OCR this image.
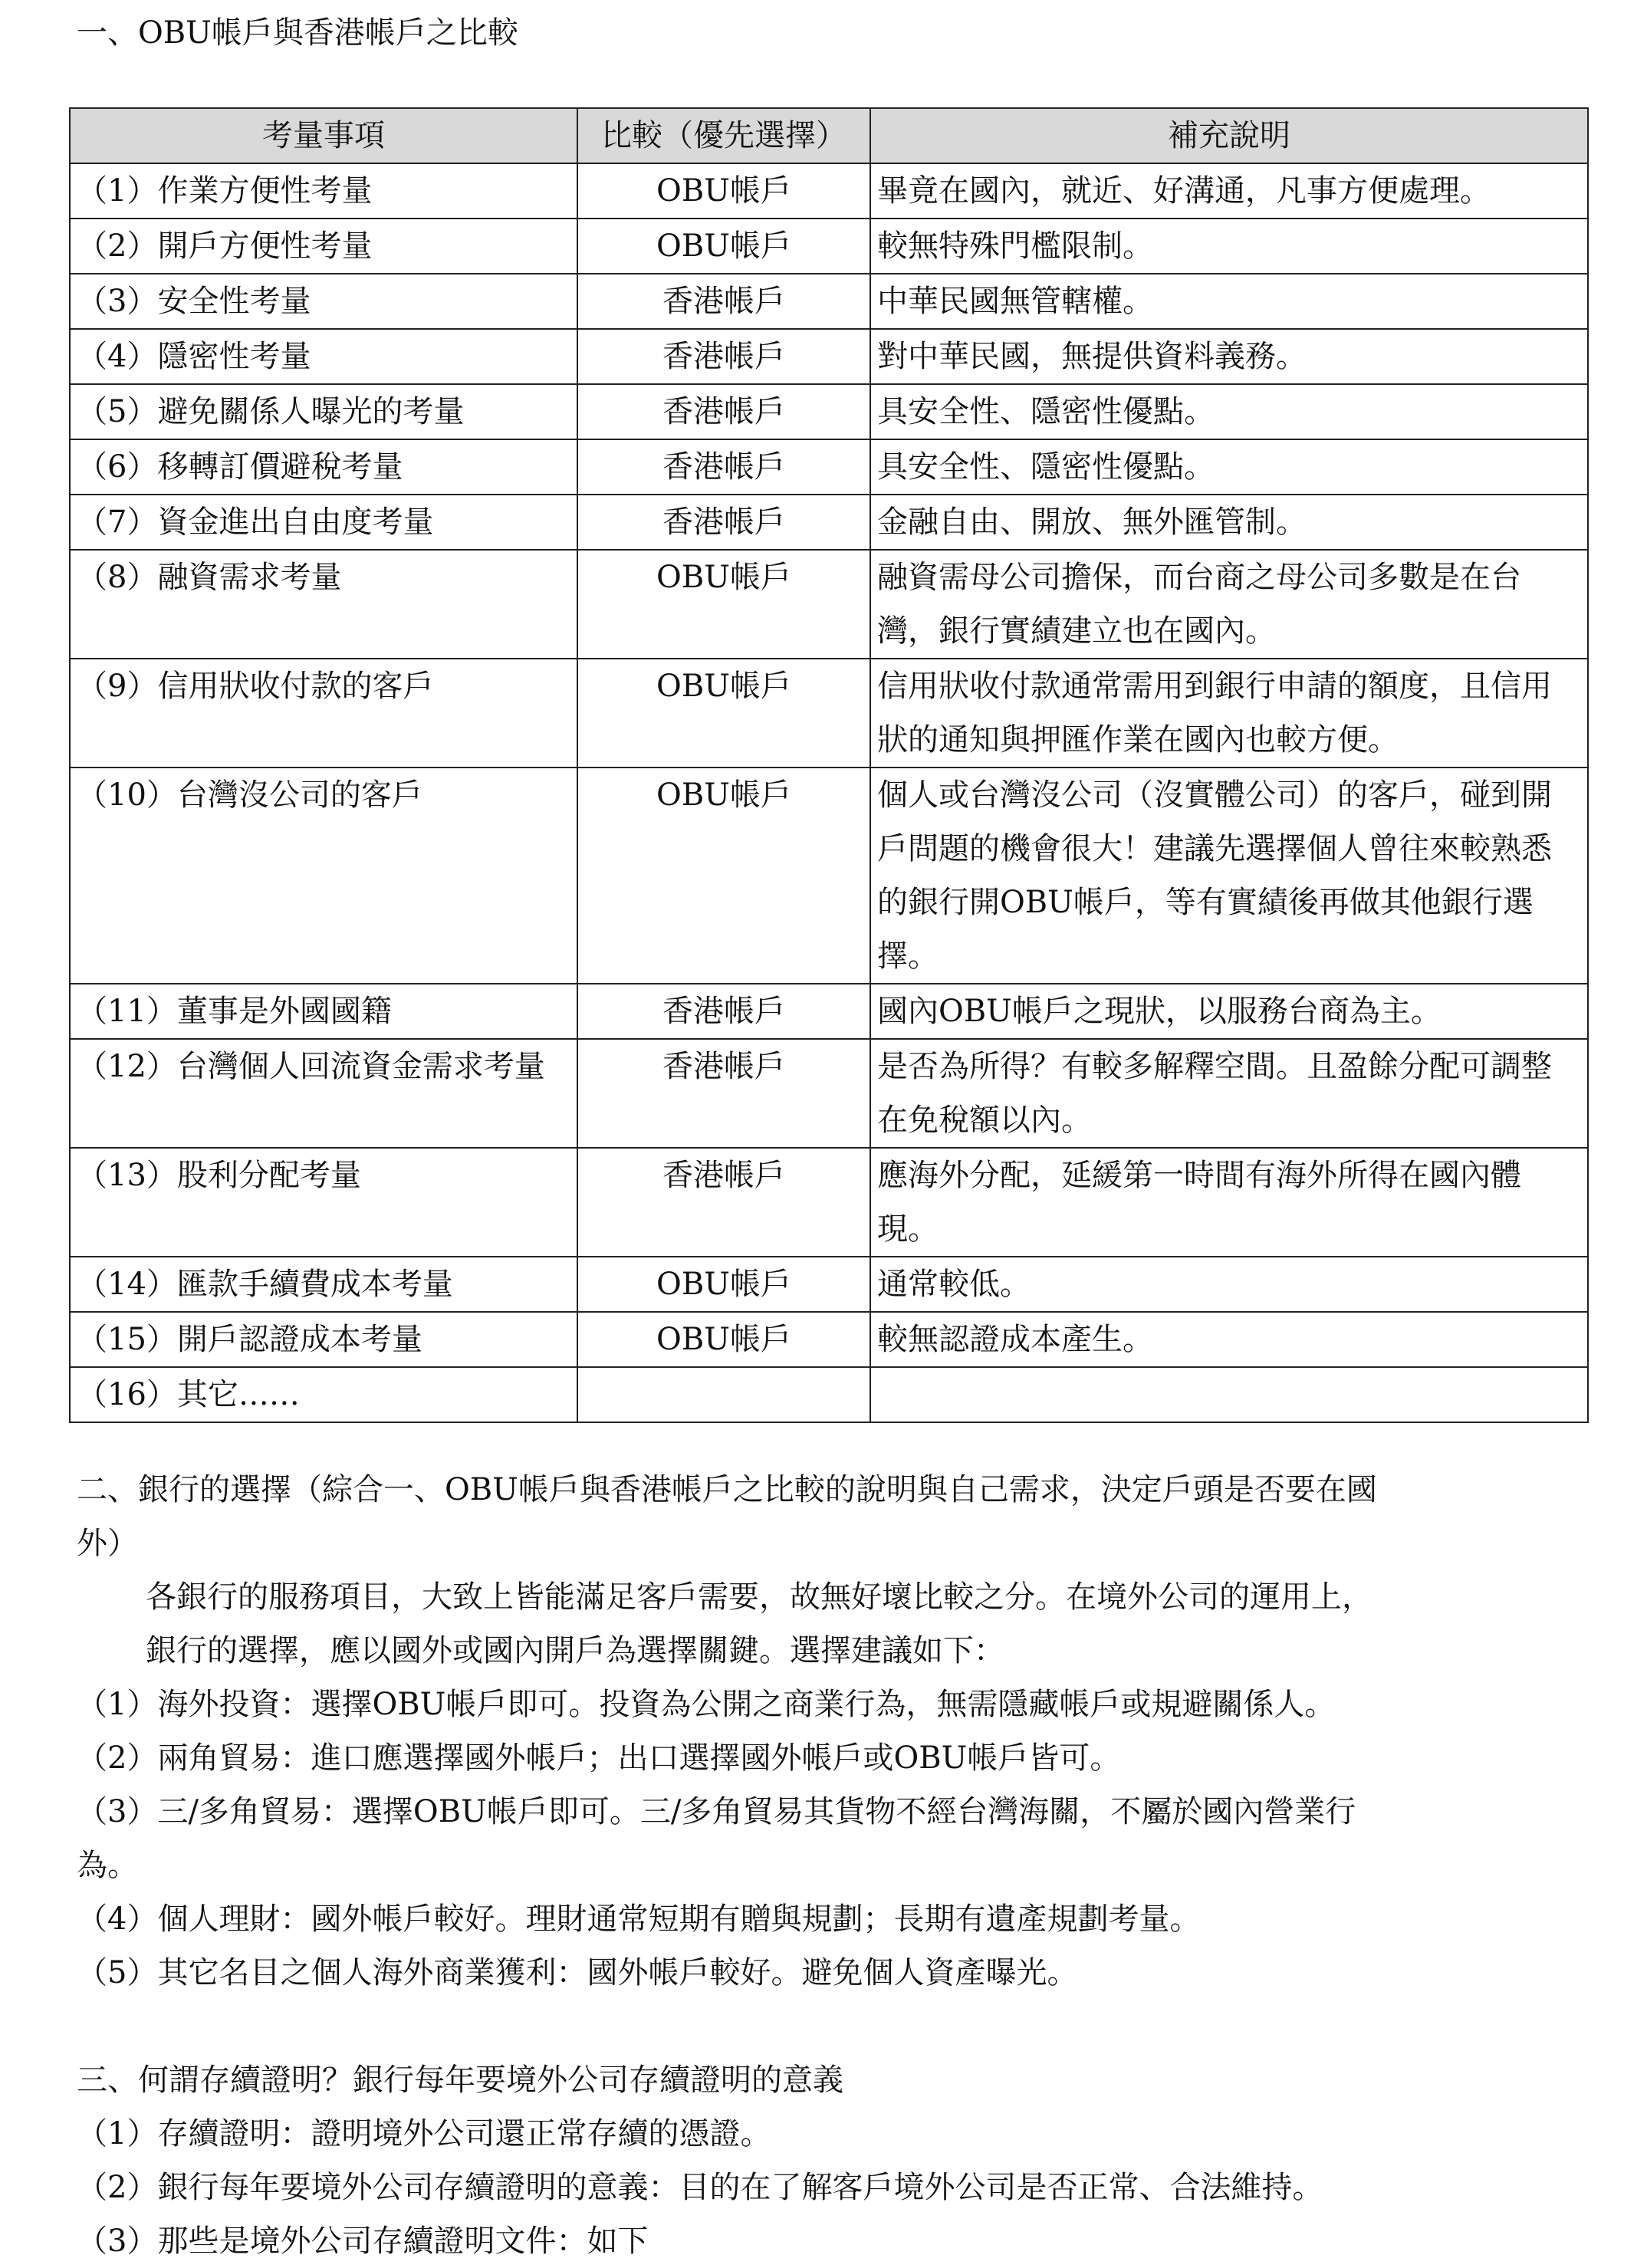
一、OBU帳戶與香港帳戶之比較
考量事項	比較（優先選擇）	補充說明
（1）作業方便性考量	OBU帳戶	畢竟在國內，就近、好溝通，凡事方便處理。
（2）開戶方便性考量	OBU帳戶	較無特殊門檻限制。
（3）安全性考量	香港帳戶	中華民國無管轄權。
（4）隱密性考量	香港帳戶	對中華民國，無提供資料義務。
（5）避免關係人曝光的考量	香港帳戶	具安全性、隱密性優點。
（6）移轉訂價避稅考量	香港帳戶	具安全性、隱密性優點。
（7）資金進出自由度考量	香港帳戶	金融自由、開放、無外匯管制。
（8）融資需求考量	OBU帳戶	融資需母公司擔保，而台商之母公司多數是在台灣，銀行實績建立也在國內。
（9）信用狀收付款的客戶	OBU帳戶	信用狀收付款通常需用到銀行申請的額度，且信用狀的通知與押匯作業在國內也較方便。
（10）台灣沒公司的客戶	OBU帳戶	個人或台灣沒公司（沒實體公司）的客戶，碰到開戶問題的機會很大！建議先選擇個人曾往來較熟悉的銀行開OBU帳戶，等有實績後再做其他銀行選擇。
（11）董事是外國國籍	香港帳戶	國內OBU帳戶之現狀，以服務台商為主。
（12）台灣個人回流資金需求考量	香港帳戶	是否為所得？有較多解釋空間。且盈餘分配可調整在免稅額以內。
（13）股利分配考量	香港帳戶	應海外分配，延緩第一時間有海外所得在國內體現。
（14）匯款手續費成本考量	OBU帳戶	通常較低。
（15）開戶認證成本考量	OBU帳戶	較無認證成本產生。
（16）其它……		
二、銀行的選擇（綜合一、OBU帳戶與香港帳戶之比較的說明與自己需求，決定戶頭是否要在國
外）
各銀行的服務項目，大致上皆能滿足客戶需要，故無好壞比較之分。在境外公司的運用上，
銀行的選擇，應以國外或國內開戶為選擇關鍵。選擇建議如下：
（1）海外投資：選擇OBU帳戶即可。投資為公開之商業行為，無需隱藏帳戶或規避關係人。
（2）兩角貿易：進口應選擇國外帳戶；出口選擇國外帳戶或OBU帳戶皆可。
（3）三/多角貿易：選擇OBU帳戶即可。三/多角貿易其貨物不經台灣海關，不屬於國內營業行
為。
（4）個人理財：國外帳戶較好。理財通常短期有贈與規劃；長期有遺產規劃考量。
（5）其它名目之個人海外商業獲利：國外帳戶較好。避免個人資產曝光。
三、何謂存續證明？銀行每年要境外公司存續證明的意義
（1）存續證明：證明境外公司還正常存續的憑證。
（2）銀行每年要境外公司存續證明的意義：目的在了解客戶境外公司是否正常、合法維持。
（3）那些是境外公司存續證明文件：如下
